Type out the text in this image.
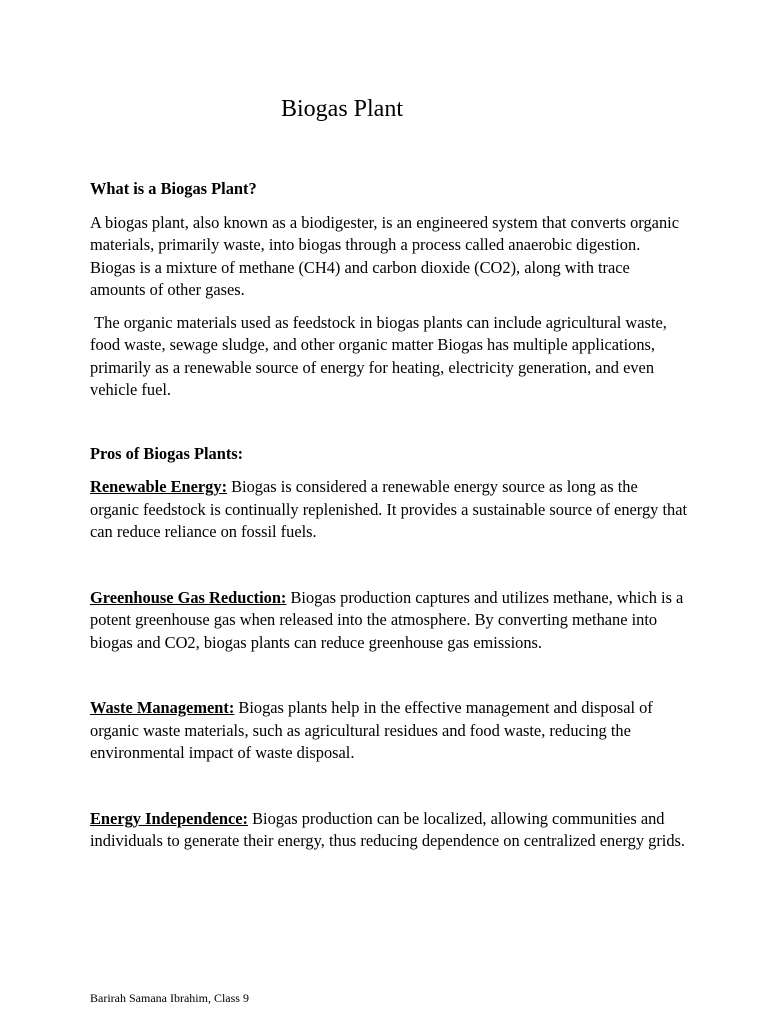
Biogas Plant

What is a Biogas Plant?

A biogas plant, also known as a biodigester, is an engineered system that converts organic materials, primarily waste, into biogas through a process called anaerobic digestion. Biogas is a mixture of methane (CH4) and carbon dioxide (CO2), along with trace amounts of other gases.

The organic materials used as feedstock in biogas plants can include agricultural waste, food waste, sewage sludge, and other organic matter Biogas has multiple applications, primarily as a renewable source of energy for heating, electricity generation, and even vehicle fuel.

Pros of Biogas Plants:

Renewable Energy: Biogas is considered a renewable energy source as long as the organic feedstock is continually replenished. It provides a sustainable source of energy that can reduce reliance on fossil fuels.

Greenhouse Gas Reduction: Biogas production captures and utilizes methane, which is a potent greenhouse gas when released into the atmosphere. By converting methane into biogas and CO2, biogas plants can reduce greenhouse gas emissions.

Waste Management: Biogas plants help in the effective management and disposal of organic waste materials, such as agricultural residues and food waste, reducing the environmental impact of waste disposal.

Energy Independence: Biogas production can be localized, allowing communities and individuals to generate their energy, thus reducing dependence on centralized energy grids.

Barirah Samana Ibrahim, Class 9
